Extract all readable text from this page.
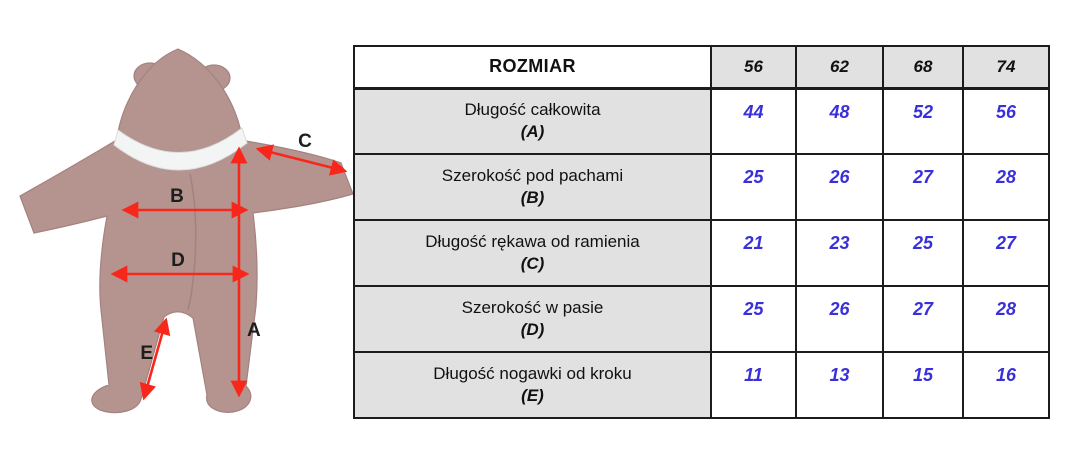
A
B
C
D
E
ROZMIAR	56	62	68	74

Długość całkowita
(A)	44	48	52	56

Szerokość pod pachami
(B)	25	26	27	28

Długość rękawa od ramienia
(C)	21	23	25	27

Szerokość w pasie
(D)	25	26	27	28

Długość nogawki od kroku
(E)	11	13	15	16
